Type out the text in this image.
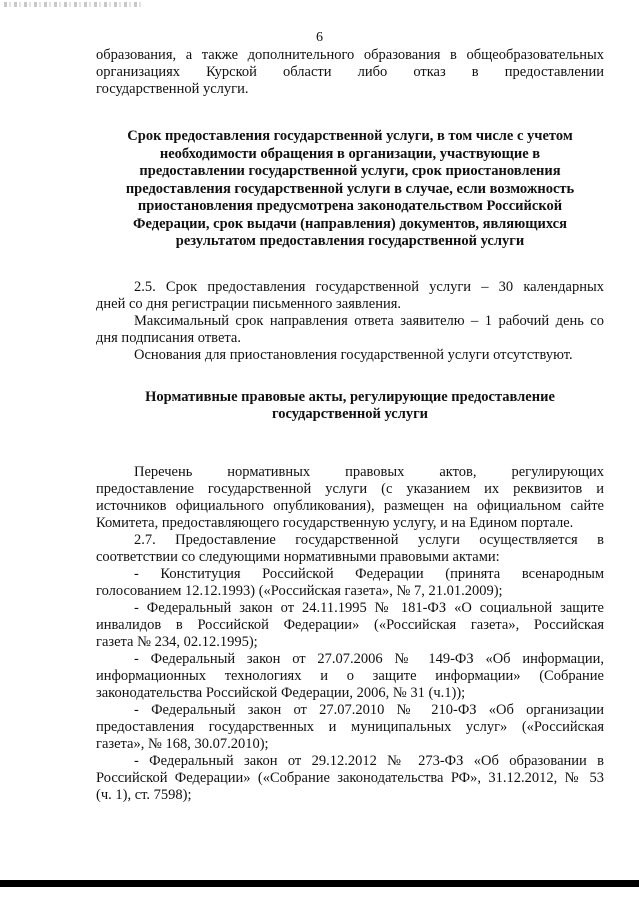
6

образования, а также дополнительного образования в общеобразовательных

организациях Курской области либо отказ в предоставлении

государственной услуги.

Срок предоставления государственной услуги, в том числе с учетом

необходимости обращения в организации, участвующие в

предоставлении государственной услуги, срок приостановления

предоставления государственной услуги в случае, если возможность

приостановления предусмотрена законодательством Российской

Федерации, срок выдачи (направления) документов, являющихся

результатом предоставления государственной услуги

2.5. Срок предоставления государственной услуги – 30 календарных

дней со дня регистрации письменного заявления.

Максимальный срок направления ответа заявителю – 1 рабочий день со

дня подписания ответа.

Основания для приостановления государственной услуги отсутствуют.

Нормативные правовые акты, регулирующие предоставление

государственной услуги

Перечень нормативных правовых актов, регулирующих

предоставление государственной услуги (с указанием их реквизитов и

источников официального опубликования), размещен на официальном сайте

Комитета, предоставляющего государственную услугу, и на Едином портале.

2.7. Предоставление государственной услуги осуществляется в

соответствии со следующими нормативными правовыми актами:

- Конституция Российской Федерации (принята всенародным

голосованием 12.12.1993) («Российская газета», № 7, 21.01.2009);

- Федеральный закон от 24.11.1995 № 181-ФЗ «О социальной защите

инвалидов в Российской Федерации» («Российская газета», Российская

газета № 234, 02.12.1995);

- Федеральный закон от 27.07.2006 № 149-ФЗ «Об информации,

информационных технологиях и о защите информации» (Собрание

законодательства Российской Федерации, 2006, № 31 (ч.1));

- Федеральный закон от 27.07.2010 № 210-ФЗ «Об организации

предоставления государственных и муниципальных услуг» («Российская

газета», № 168, 30.07.2010);

- Федеральный закон от 29.12.2012 № 273-ФЗ «Об образовании в

Российской Федерации» («Собрание законодательства РФ», 31.12.2012, № 53

(ч. 1), ст. 7598);
